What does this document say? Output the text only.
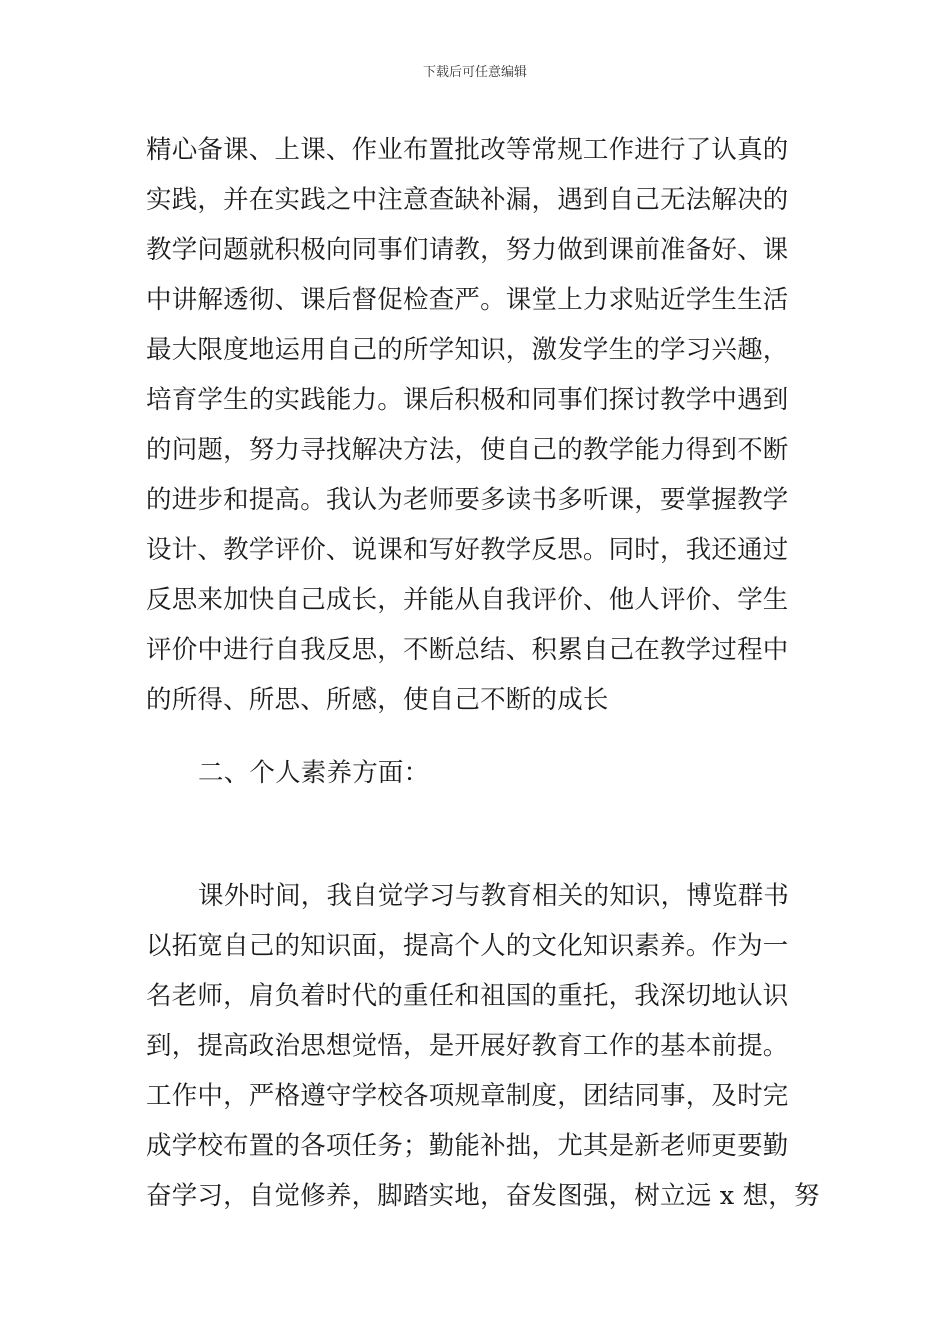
下载后可任意编辑
精心备课、上课、作业布置批改等常规工作进行了认真的
实践，并在实践之中注意查缺补漏，遇到自己无法解决的
教学问题就积极向同事们请教，努力做到课前准备好、课
中讲解透彻、课后督促检查严。课堂上力求贴近学生生活
最大限度地运用自己的所学知识，激发学生的学习兴趣，
培育学生的实践能力。课后积极和同事们探讨教学中遇到
的问题，努力寻找解决方法，使自己的教学能力得到不断
的进步和提高。我认为老师要多读书多听课，要掌握教学
设计、教学评价、说课和写好教学反思。同时，我还通过
反思来加快自己成长，并能从自我评价、他人评价、学生
评价中进行自我反思，不断总结、积累自己在教学过程中
的所得、所思、所感，使自己不断的成长
二、个人素养方面：
课外时间，我自觉学习与教育相关的知识，博览群书
以拓宽自己的知识面，提高个人的文化知识素养。作为一
名老师，肩负着时代的重任和祖国的重托，我深切地认识
到，提高政治思想觉悟，是开展好教育工作的基本前提。
工作中，严格遵守学校各项规章制度，团结同事，及时完
成学校布置的各项任务；勤能补拙，尤其是新老师更要勤
奋学习，自觉修养，脚踏实地，奋发图强，树立远 x 想，努
